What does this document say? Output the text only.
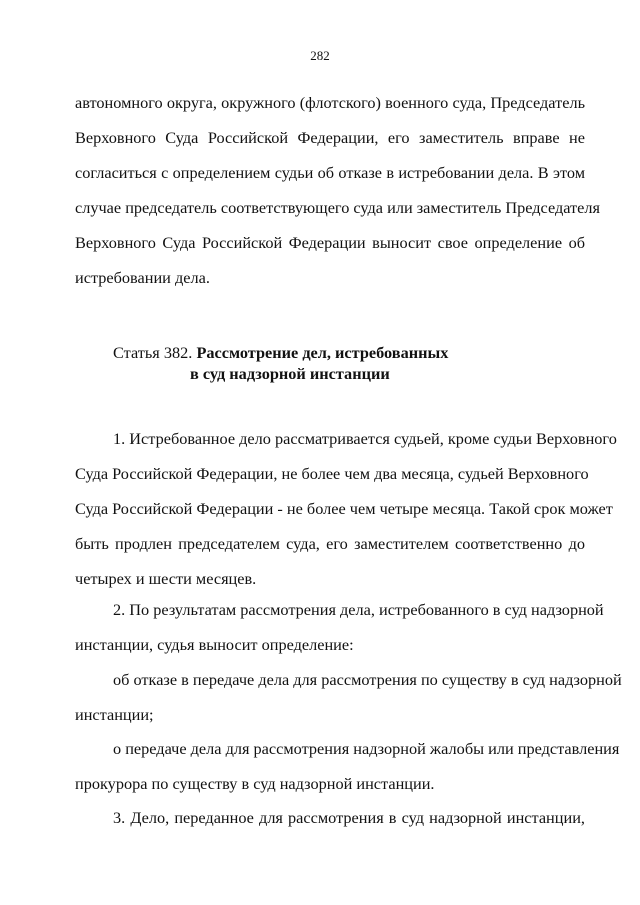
282
автономного округа, окружного (флотского) военного суда, Председатель
Верховного Суда Российской Федерации, его заместитель вправе не
согласиться с определением судьи об отказе в истребовании дела. В этом
случае председатель соответствующего суда или заместитель Председателя
Верховного Суда Российской Федерации выносит свое определение об
истребовании дела.
Статья 382. Рассмотрение дел, истребованных
в суд надзорной инстанции
1. Истребованное дело рассматривается судьей, кроме судьи Верховного
Суда Российской Федерации, не более чем два месяца, судьей Верховного
Суда Российской Федерации - не более чем четыре месяца. Такой срок может
быть продлен председателем суда, его заместителем соответственно до
четырех и шести месяцев.
2. По результатам рассмотрения дела, истребованного в суд надзорной
инстанции, судья выносит определение:
об отказе в передаче дела для рассмотрения по существу в суд надзорной
инстанции;
о передаче дела для рассмотрения надзорной жалобы или представления
прокурора по существу в суд надзорной инстанции.
3. Дело, переданное для рассмотрения в суд надзорной инстанции,
